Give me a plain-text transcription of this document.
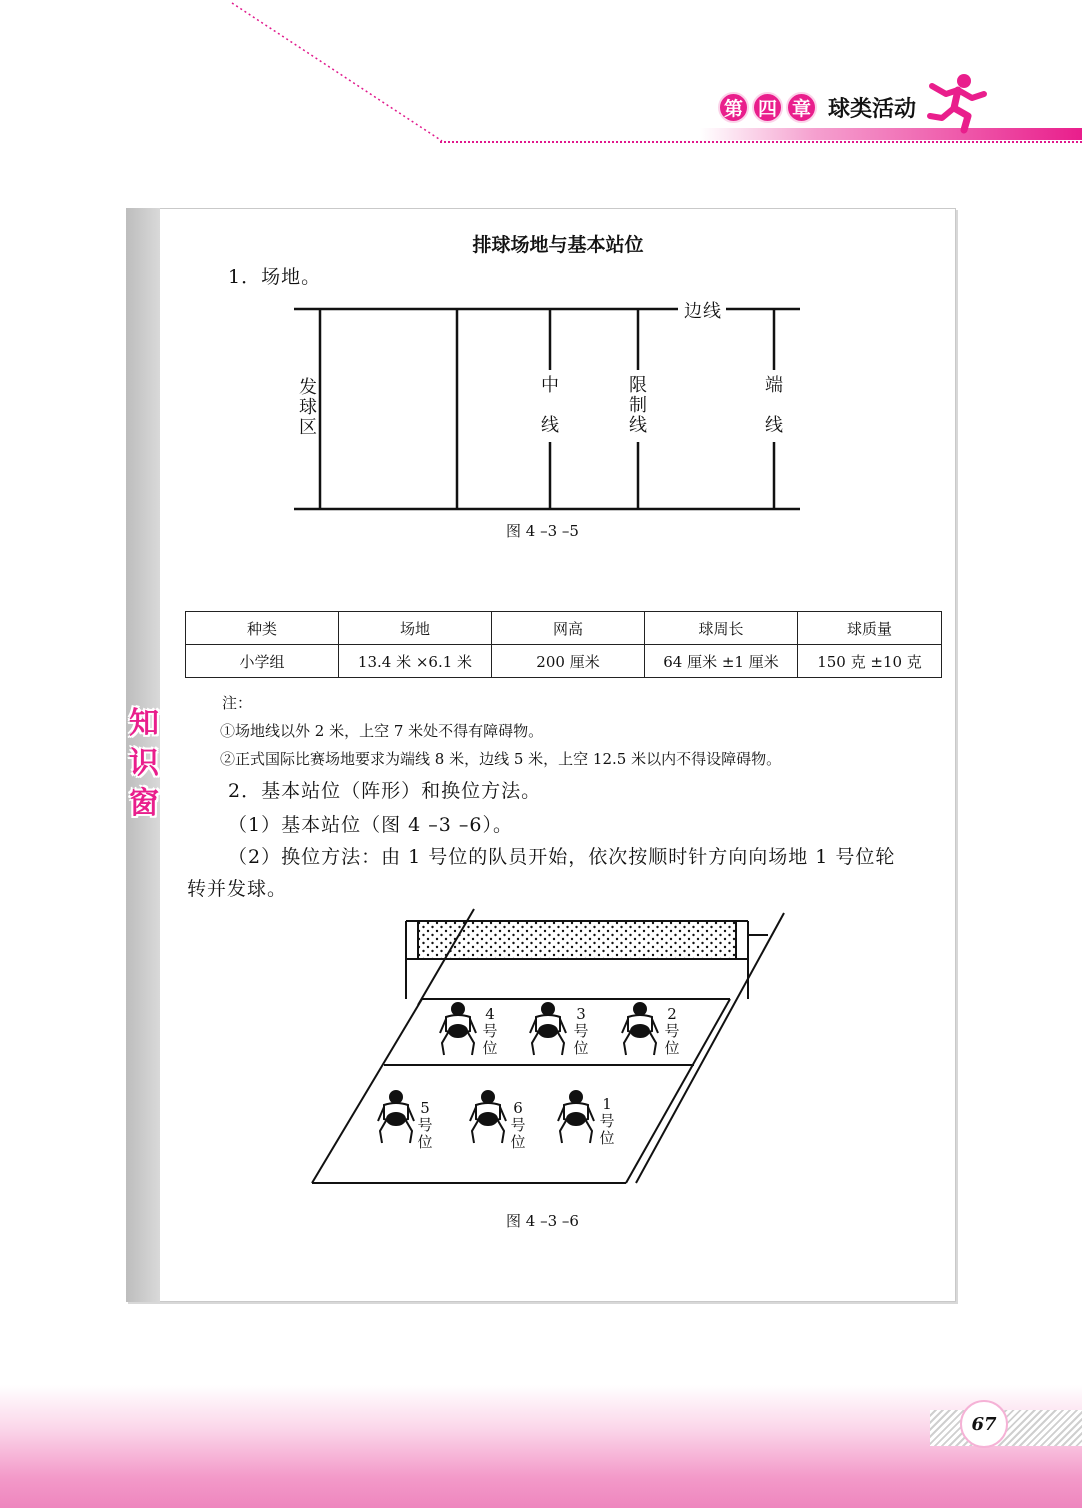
第 四 章 球类活动
知
识
窗
排球场地与基本站位
1．场地。
边线
发
球
区
中
线
限
制
线
端
线
图 4 –3 –5
种类	场地	网高	球周长	球质量
小学组	13.4 米 ×6.1 米	200 厘米	64 厘米 ±1 厘米	150 克 ±10 克
注：
①场地线以外 2 米，上空 7 米处不得有障碍物。
②正式国际比赛场地要求为端线 8 米，边线 5 米，上空 12.5 米以内不得设障碍物。
2．基本站位（阵形）和换位方法。
（1）基本站位（图 4 –3 –6）。
（2）换位方法：由 1 号位的队员开始，依次按顺时针方向向场地 1 号位轮
转并发球。
4
号
位
3
号
位
2
号
位
5
号
位
6
号
位
1
号
位
图 4 –3 –6
67
